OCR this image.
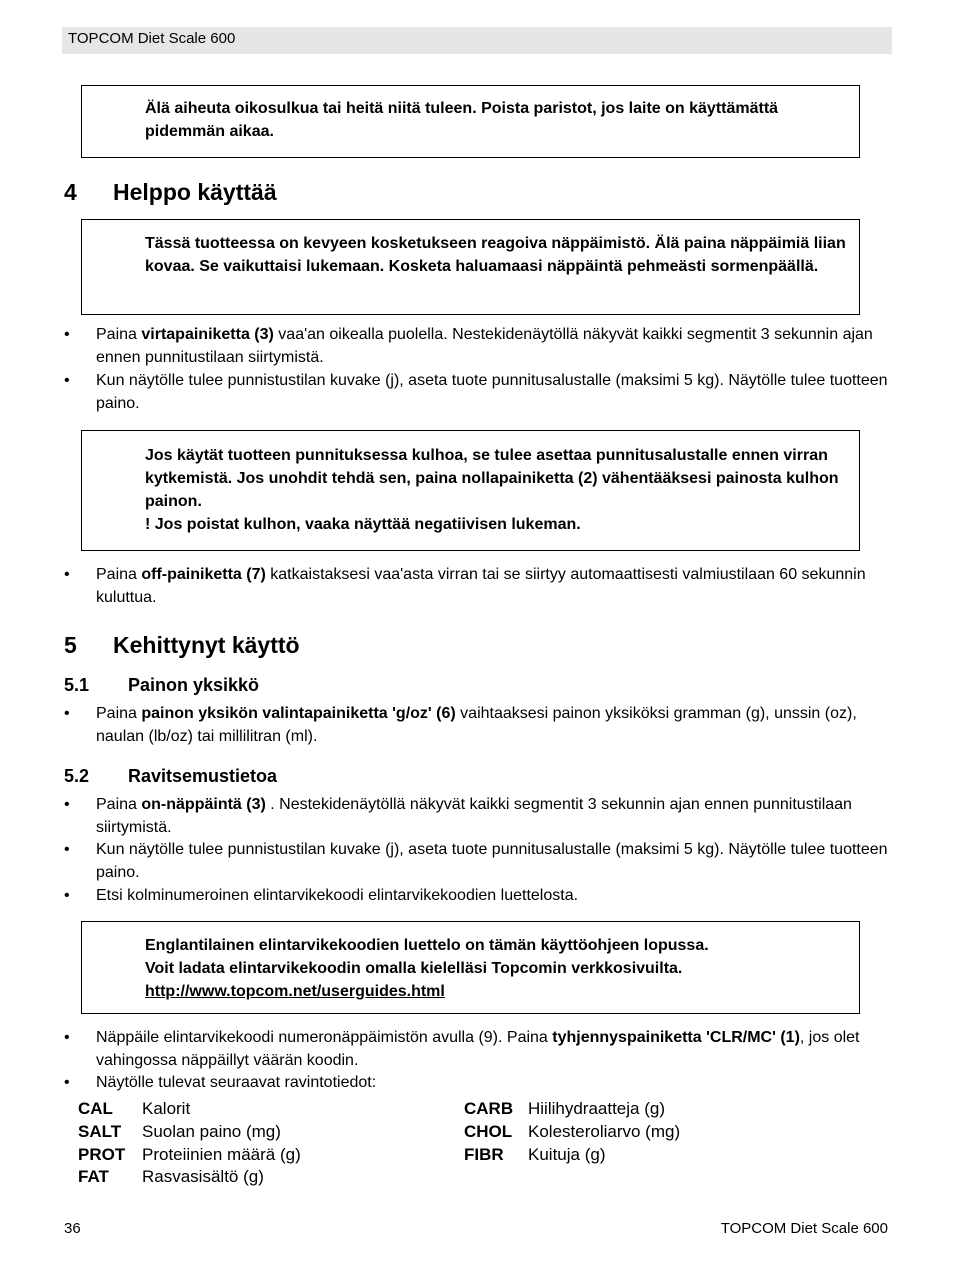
TOPCOM Diet Scale 600

Älä aiheuta oikosulkua tai heitä niitä tuleen. Poista paristot, jos laite on käyttämättä pidemmän aikaa.

4 Helppo käyttää

Tässä tuotteessa on kevyeen kosketukseen reagoiva näppäimistö. Älä paina näppäimiä liian kovaa. Se vaikuttaisi lukemaan. Kosketa haluamaasi näppäintä pehmeästi sormenpäällä.

• Paina virtapainiketta (3) vaa'an oikealla puolella. Nestekidenäytöllä näkyvät kaikki segmentit 3 sekunnin ajan ennen punnitustilaan siirtymistä.
• Kun näytölle tulee punnistustilan kuvake (j), aseta tuote punnitusalustalle (maksimi 5 kg). Näytölle tulee tuotteen paino.

Jos käytät tuotteen punnituksessa kulhoa, se tulee asettaa punnitusalustalle ennen virran kytkemistä. Jos unohdit tehdä sen, paina nollapainiketta (2) vähentääksesi painosta kulhon painon.

! Jos poistat kulhon, vaaka näyttää negatiivisen lukeman.

• Paina off-painiketta (7) katkaistaksesi vaa'asta virran tai se siirtyy automaattisesti valmiustilaan 60 sekunnin kuluttua.
5 Kehittynyt käyttö
5.1 Painon yksikkö
• Paina painon yksikön valintapainiketta 'g/oz' (6) vaihtaaksesi painon yksiköksi gramman (g), unssin (oz), naulan (lb/oz) tai millilitran (ml).
5.2 Ravitsemustietoa
• Paina on-näppäintä (3) . Nestekidenäytöllä näkyvät kaikki segmentit 3 sekunnin ajan ennen punnitustilaan siirtymistä.
• Kun näytölle tulee punnistustilan kuvake (j), aseta tuote punnitusalustalle (maksimi 5 kg). Näytölle tulee tuotteen paino.
• Etsi kolminumeroinen elintarvikekoodi elintarvikekoodien luettelosta.

Englantilainen elintarvikekoodien luettelo on tämän käyttöohjeen lopussa.

Voit ladata elintarvikekoodin omalla kielelläsi Topcomin verkkosivuilta.

http://www.topcom.net/userguides.html

• Näppäile elintarvikekoodi numeronäppäimistön avulla (9). Paina tyhjennyspainiketta 'CLR/MC' (1), jos olet vahingossa näppäillyt väärän koodin.
• Näytölle tulevat seuraavat ravintotiedot:
CAL Kalorit
SALT Suolan paino (mg)
PROT Proteiinien määrä (g)
FAT Rasvasisältö (g)
CARB Hiilihydraatteja (g)
CHOL Kolesteroliarvo (mg)
FIBR Kuituja (g)
36	TOPCOM Diet Scale 600
